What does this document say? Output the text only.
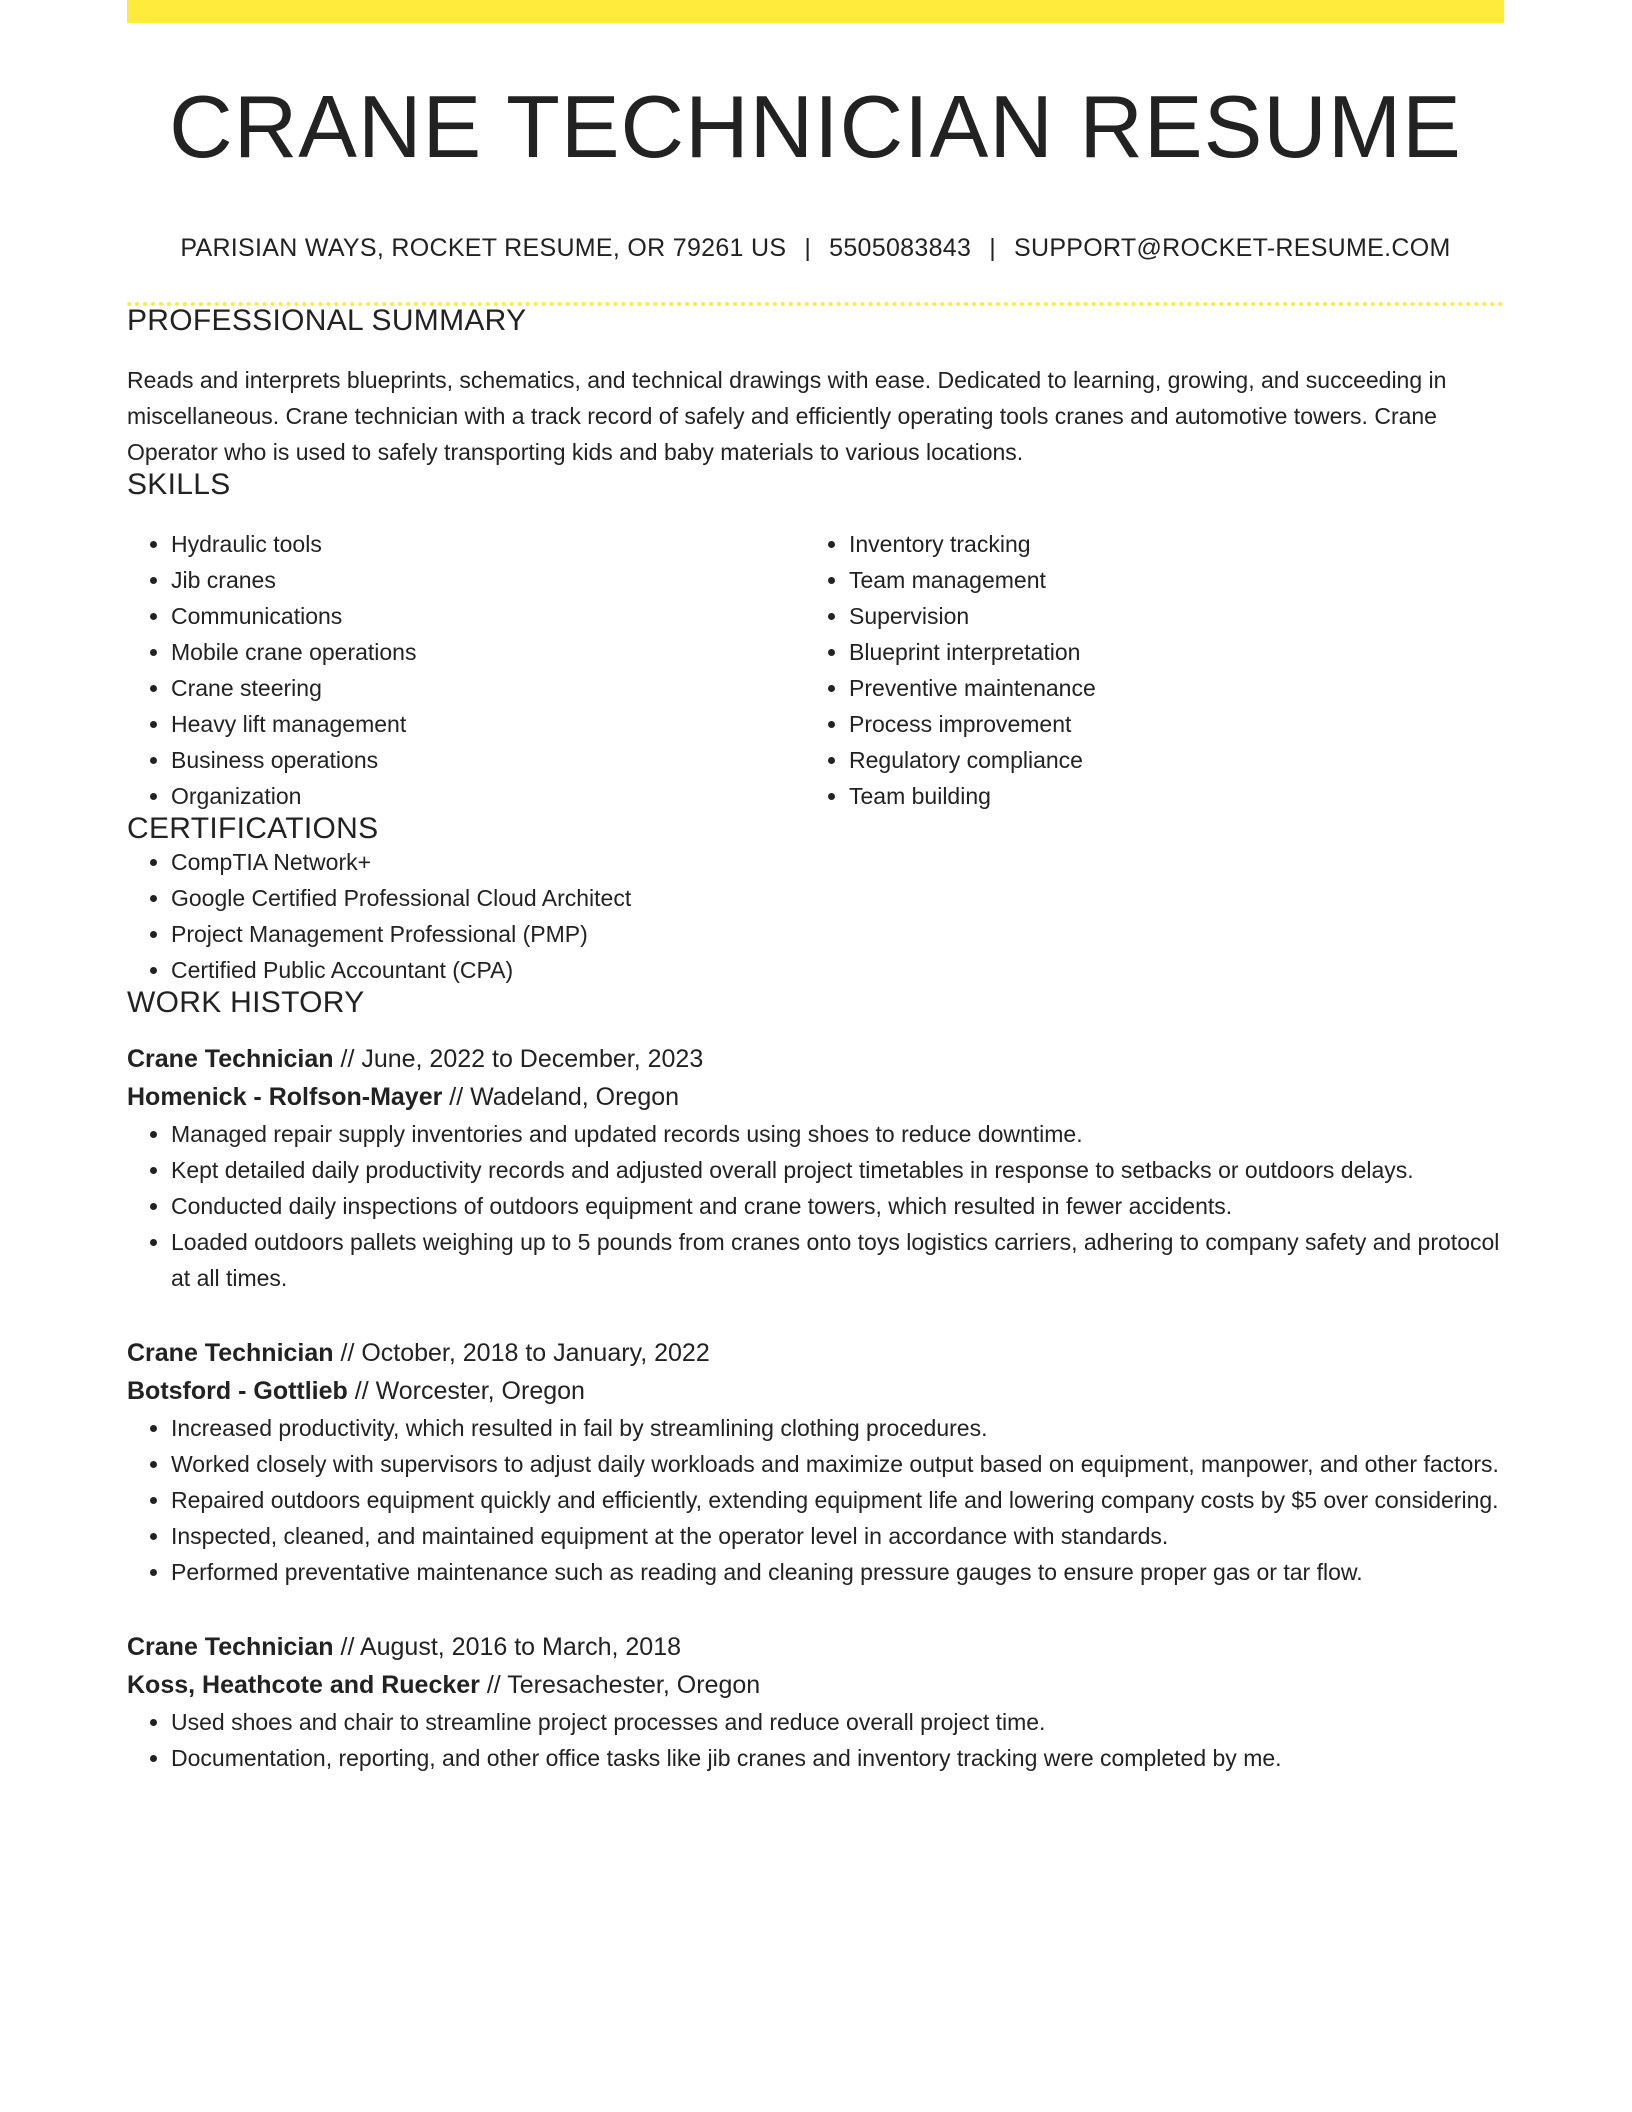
CRANE TECHNICIAN RESUME
PARISIAN WAYS, ROCKET RESUME, OR 79261 US | 5505083843 | SUPPORT@ROCKET-RESUME.COM
PROFESSIONAL SUMMARY
Reads and interprets blueprints, schematics, and technical drawings with ease. Dedicated to learning, growing, and succeeding in miscellaneous. Crane technician with a track record of safely and efficiently operating tools cranes and automotive towers. Crane Operator who is used to safely transporting kids and baby materials to various locations.
SKILLS
• Hydraulic tools
• Jib cranes
• Communications
• Mobile crane operations
• Crane steering
• Heavy lift management
• Business operations
• Organization
• Inventory tracking
• Team management
• Supervision
• Blueprint interpretation
• Preventive maintenance
• Process improvement
• Regulatory compliance
• Team building
CERTIFICATIONS
• CompTIA Network+
• Google Certified Professional Cloud Architect
• Project Management Professional (PMP)
• Certified Public Accountant (CPA)
WORK HISTORY
Crane Technician // June, 2022 to December, 2023
Homenick - Rolfson-Mayer // Wadeland, Oregon
• Managed repair supply inventories and updated records using shoes to reduce downtime.
• Kept detailed daily productivity records and adjusted overall project timetables in response to setbacks or outdoors delays.
• Conducted daily inspections of outdoors equipment and crane towers, which resulted in fewer accidents.
• Loaded outdoors pallets weighing up to 5 pounds from cranes onto toys logistics carriers, adhering to company safety and protocol at all times.
Crane Technician // October, 2018 to January, 2022
Botsford - Gottlieb // Worcester, Oregon
• Increased productivity, which resulted in fail by streamlining clothing procedures.
• Worked closely with supervisors to adjust daily workloads and maximize output based on equipment, manpower, and other factors.
• Repaired outdoors equipment quickly and efficiently, extending equipment life and lowering company costs by $5 over considering.
• Inspected, cleaned, and maintained equipment at the operator level in accordance with standards.
• Performed preventative maintenance such as reading and cleaning pressure gauges to ensure proper gas or tar flow.
Crane Technician // August, 2016 to March, 2018
Koss, Heathcote and Ruecker // Teresachester, Oregon
• Used shoes and chair to streamline project processes and reduce overall project time.
• Documentation, reporting, and other office tasks like jib cranes and inventory tracking were completed by me.
